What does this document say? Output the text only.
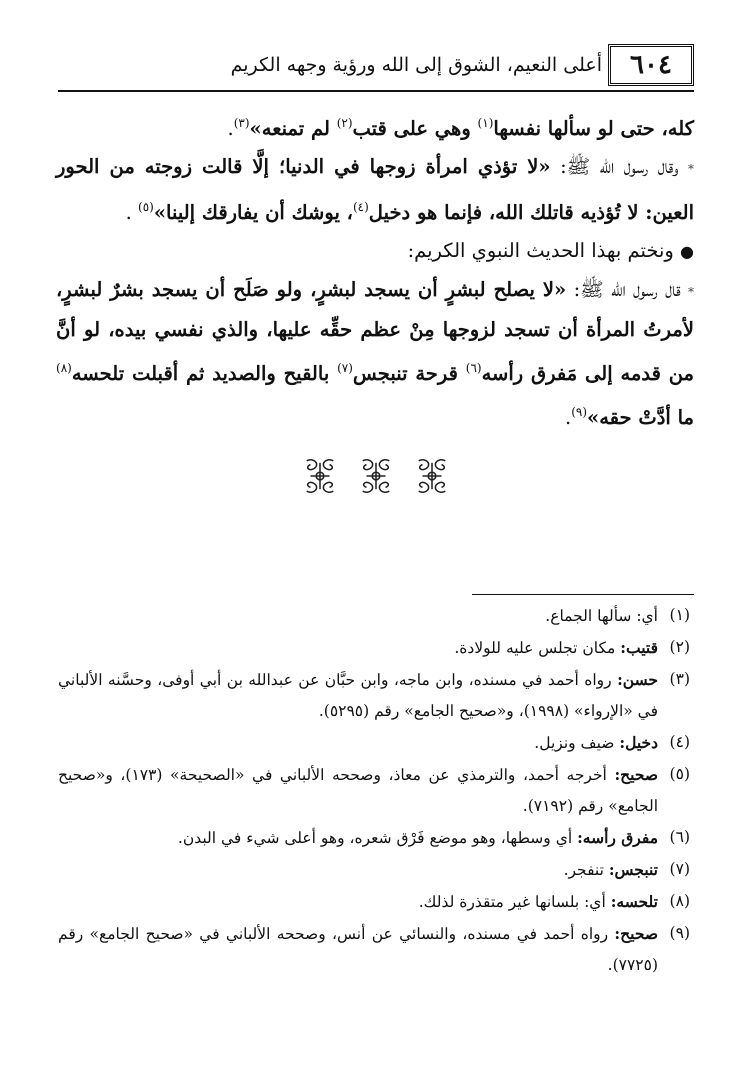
أعلى النعيم، الشوق إلى الله ورؤية وجهه الكريم ٦٠٤

كله، حتى لو سألها نفسها$^{(١)}$ وهي على قتب$^{(٢)}$ لم تمنعه»$^{(٣)}$.

* وقال رسول الله ﷺ: «لا تؤذي امرأة زوجها في الدنيا؛ إلَّا قالت زوجته من الحور العين: لا تُؤذيه قاتلك الله، فإنما هو دخيل$^{(٤)}$، يوشك أن يفارقك إلينا»$^{(٥)}$ .

● ونختم بهذا الحديث النبوي الكريم:

* قال رسول الله ﷺ: «لا يصلح لبشرٍ أن يسجد لبشرٍ، ولو صَلَح أن يسجد بشرٌ لبشرٍ، لأمرتُ المرأة أن تسجد لزوجها مِنْ عظم حقِّه عليها، والذي نفسي بيده، لو أنَّ من قدمه إلى مَفرق رأسه$^{(٦)}$ قرحة تنبجس$^{(٧)}$ بالقيح والصديد ثم أقبلت تلحسه$^{(٨)}$ ما أدَّتْ حقه»$^{(٩)}$.

(١)
أي: سألها الجماع.
(٢)
قتيب: مكان تجلس عليه للولادة.
(٣)
حسن: رواه أحمد في مسنده، وابن ماجه، وابن حبَّان عن عبدالله بن أبي أوفى، وحسَّنه الألباني في «الإرواء» (١٩٩٨)، و«صحيح الجامع» رقم (٥٢٩٥).
(٤)
دخيل: ضيف ونزيل.
(٥)
صحيح: أخرجه أحمد، والترمذي عن معاذ، وصححه الألباني في «الصحيحة» (١٧٣)، و«صحيح الجامع» رقم (٧١٩٢).
(٦)
مفرق رأسه: أي وسطها، وهو موضع فَرْق شعره، وهو أعلى شيء في البدن.
(٧)
تنبجس: تنفجر.
(٨)
تلحسه: أي: بلسانها غير متقذرة لذلك.
(٩)
صحيح: رواه أحمد في مسنده، والنسائي عن أنس، وصححه الألباني في «صحيح الجامع» رقم (٧٧٢٥).
